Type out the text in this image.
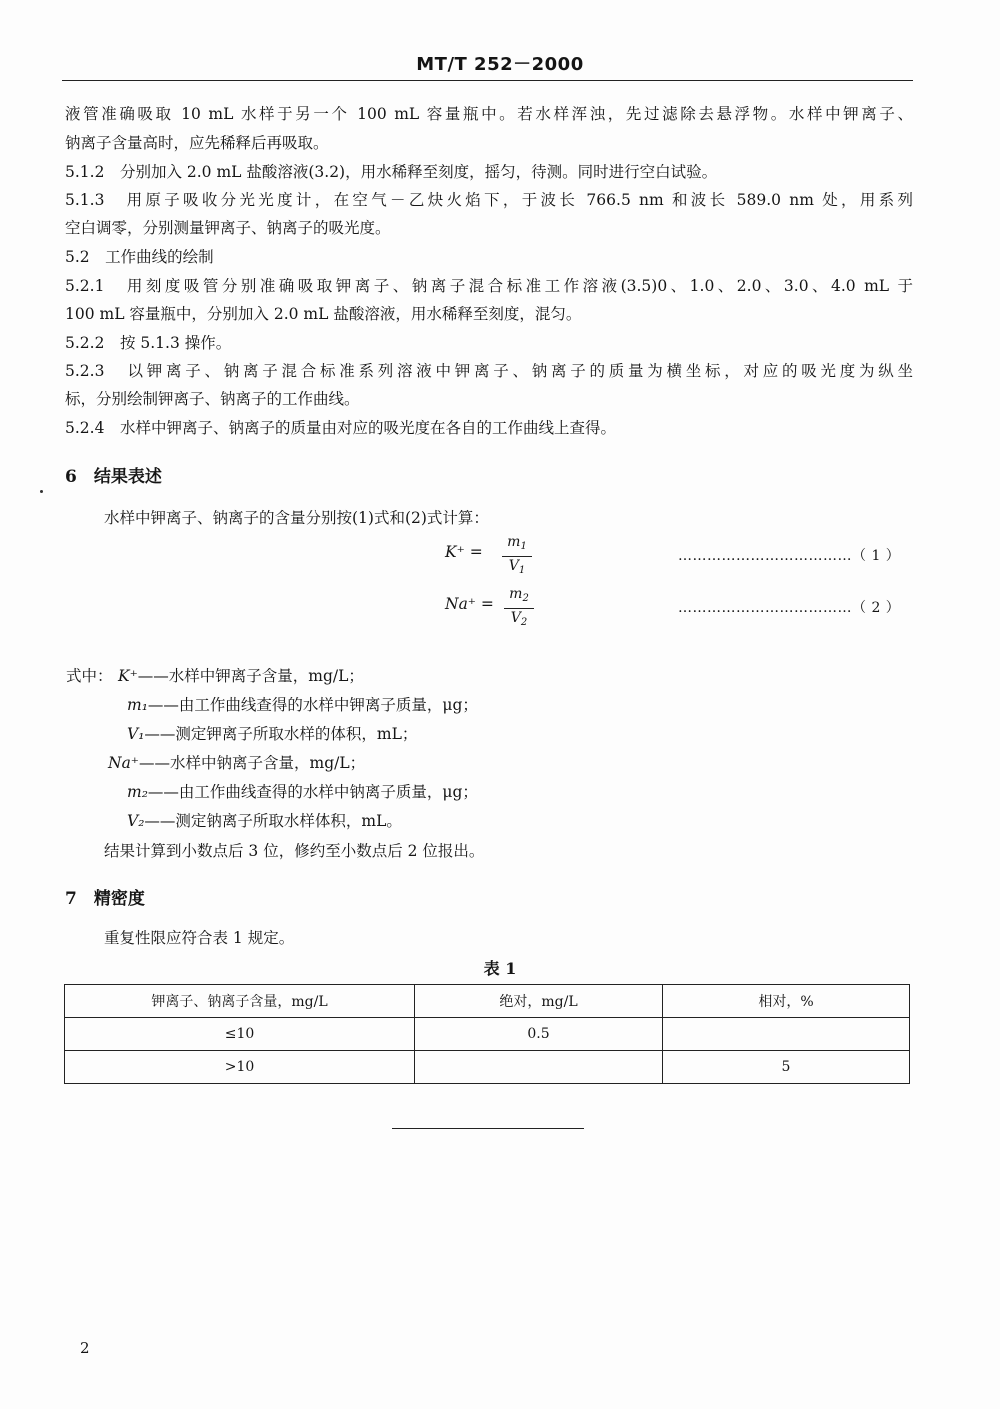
MT/T 252－2000
液管准确吸取 10 mL 水样于另一个 100 mL 容量瓶中。若水样浑浊，先过滤除去悬浮物。水样中钾离子、
钠离子含量高时，应先稀释后再吸取。
5.1.2　分别加入 2.0 mL 盐酸溶液(3.2)，用水稀释至刻度，摇匀，待测。同时进行空白试验。
5.1.3　用原子吸收分光光度计，在空气－乙炔火焰下，于波长 766.5 nm 和波长 589.0 nm 处，用系列
空白调零，分别测量钾离子、钠离子的吸光度。
5.2　工作曲线的绘制
5.2.1　用刻度吸管分别准确吸取钾离子、钠离子混合标准工作溶液(3.5)0、1.0、2.0、3.0、4.0 mL 于
100 mL 容量瓶中，分别加入 2.0 mL 盐酸溶液，用水稀释至刻度，混匀。
5.2.2　按 5.1.3 操作。
5.2.3　以钾离子、钠离子混合标准系列溶液中钾离子、钠离子的质量为横坐标，对应的吸光度为纵坐
标，分别绘制钾离子、钠离子的工作曲线。
5.2.4　水样中钾离子、钠离子的质量由对应的吸光度在各自的工作曲线上查得。
6　结果表述
水样中钾离子、钠离子的含量分别按(1)式和(2)式计算：
K⁺ =
$m_1$
$V_1$
………………………………（ 1 ）
Na⁺ =
$m_2$
$V_2$
………………………………（ 2 ）
式中： K⁺——水样中钾离子含量，mg/L；
m₁——由工作曲线查得的水样中钾离子质量，μg；
V₁——测定钾离子所取水样的体积，mL；
Na⁺——水样中钠离子含量，mg/L；
m₂——由工作曲线查得的水样中钠离子质量，μg；
V₂——测定钠离子所取水样体积，mL。
结果计算到小数点后 3 位，修约至小数点后 2 位报出。
7　精密度
重复性限应符合表 1 规定。
表 1
钾离子、钠离子含量，mg/L	绝对，mg/L	相对，%
≤10	0.5	
>10		5
2
